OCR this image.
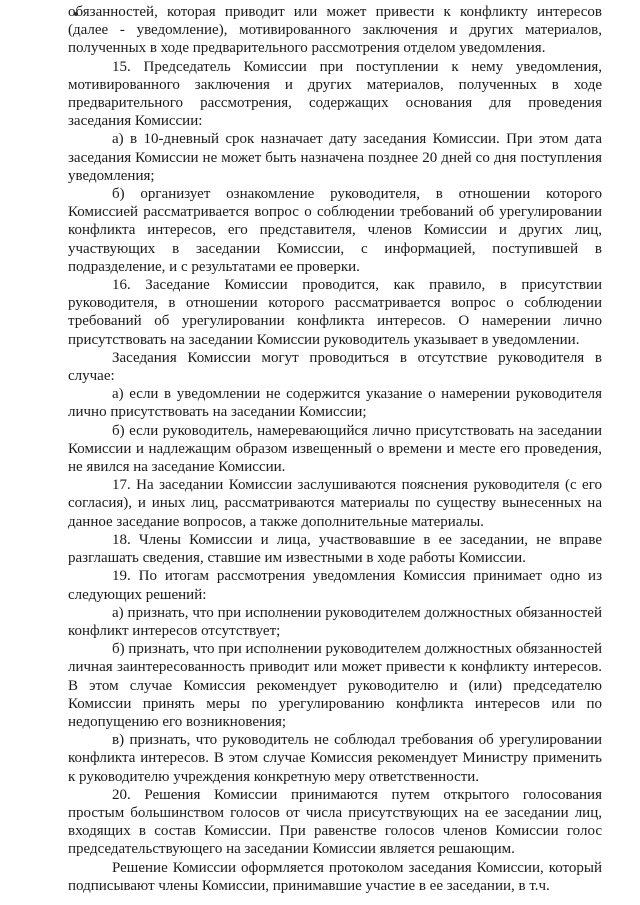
обязанностей, которая приводит или может привести к конфликту интересов (далее - уведомление), мотивированного заключения и других материалов, полученных в ходе предварительного рассмотрения отделом уведомления.

15. Председатель Комиссии при поступлении к нему уведомления, мотивированного заключения и других материалов, полученных в ходе предварительного рассмотрения, содержащих основания для проведения заседания Комиссии:

а) в 10-дневный срок назначает дату заседания Комиссии. При этом дата заседания Комиссии не может быть назначена позднее 20 дней со дня поступления уведомления;

б) организует ознакомление руководителя, в отношении которого Комиссией рассматривается вопрос о соблюдении требований об урегулировании конфликта интересов, его представителя, членов Комиссии и других лиц, участвующих в заседании Комиссии, с информацией, поступившей в подразделение, и с результатами ее проверки.

16. Заседание Комиссии проводится, как правило, в присутствии руководителя, в отношении которого рассматривается вопрос о соблюдении требований об урегулировании конфликта интересов. О намерении лично присутствовать на заседании Комиссии руководитель указывает в уведомлении.

Заседания Комиссии могут проводиться в отсутствие руководителя в случае:

а) если в уведомлении не содержится указание о намерении руководителя лично присутствовать на заседании Комиссии;

б) если руководитель, намеревающийся лично присутствовать на заседании Комиссии и надлежащим образом извещенный о времени и месте его проведения, не явился на заседание Комиссии.

17. На заседании Комиссии заслушиваются пояснения руководителя (с его согласия), и иных лиц, рассматриваются материалы по существу вынесенных на данное заседание вопросов, а также дополнительные материалы.

18. Члены Комиссии и лица, участвовавшие в ее заседании, не вправе разглашать сведения, ставшие им известными в ходе работы Комиссии.

19. По итогам рассмотрения уведомления Комиссия принимает одно из следующих решений:

а) признать, что при исполнении руководителем должностных обязанностей конфликт интересов отсутствует;

б) признать, что при исполнении руководителем должностных обязанностей личная заинтересованность приводит или может привести к конфликту интересов. В этом случае Комиссия рекомендует руководителю и (или) председателю Комиссии принять меры по урегулированию конфликта интересов или по недопущению его возникновения;

в) признать, что руководитель не соблюдал требования об урегулировании конфликта интересов. В этом случае Комиссия рекомендует Министру применить к руководителю учреждения конкретную меру ответственности.

20. Решения Комиссии принимаются путем открытого голосования простым большинством голосов от числа присутствующих на ее заседании лиц, входящих в состав Комиссии. При равенстве голосов членов Комиссии голос председательствующего на заседании Комиссии является решающим.

Решение Комиссии оформляется протоколом заседания Комиссии, который подписывают члены Комиссии, принимавшие участие в ее заседании, в т.ч.
